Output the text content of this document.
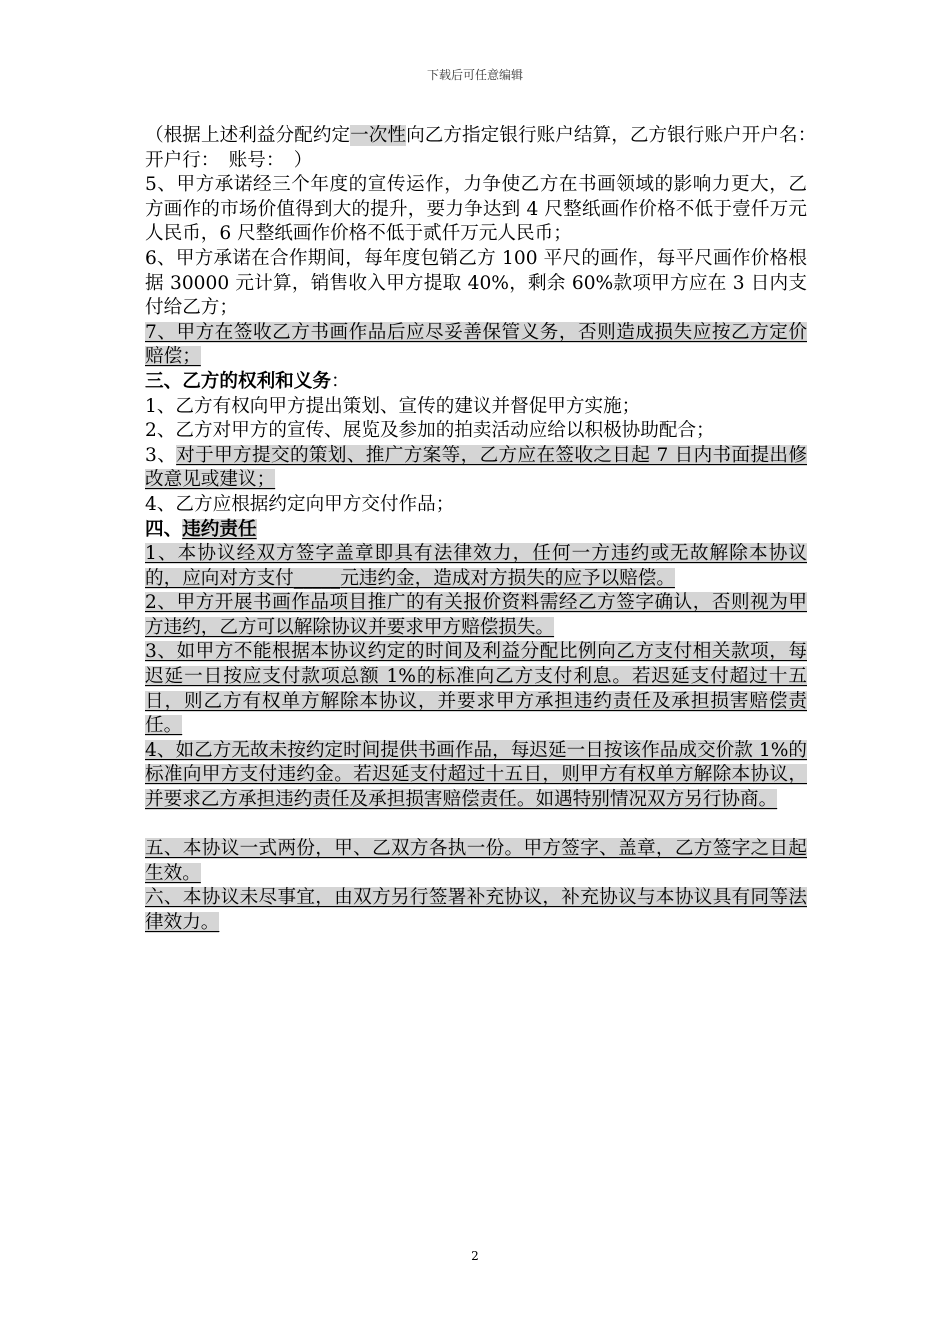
下载后可任意编辑

（根据上述利益分配约定一次性向乙方指定银行账户结算，乙方银行账户开户名：　开户行：　账号：　）

5、甲方承诺经三个年度的宣传运作，力争使乙方在书画领域的影响力更大，乙方画作的市场价值得到大的提升，要力争达到 4 尺整纸画作价格不低于壹仟万元人民币，6 尺整纸画作价格不低于贰仟万元人民币；

6、甲方承诺在合作期间，每年度包销乙方 100 平尺的画作，每平尺画作价格根据 30000 元计算，销售收入甲方提取 40%，剩余 60%款项甲方应在 3 日内支付给乙方；

7、甲方在签收乙方书画作品后应尽妥善保管义务，否则造成损失应按乙方定价赔偿；

三、乙方的权利和义务：

1、乙方有权向甲方提出策划、宣传的建议并督促甲方实施；

2、乙方对甲方的宣传、展览及参加的拍卖活动应给以积极协助配合；

3、对于甲方提交的策划、推广方案等，乙方应在签收之日起 7 日内书面提出修改意见或建议；

4、乙方应根据约定向甲方交付作品；

四、违约责任

1、本协议经双方签字盖章即具有法律效力，任何一方违约或无故解除本协议的，应向对方支付_____元违约金，造成对方损失的应予以赔偿。

2、甲方开展书画作品项目推广的有关报价资料需经乙方签字确认，否则视为甲方违约，乙方可以解除协议并要求甲方赔偿损失。

3、如甲方不能根据本协议约定的时间及利益分配比例向乙方支付相关款项，每迟延一日按应支付款项总额 1%的标准向乙方支付利息。若迟延支付超过十五日，则乙方有权单方解除本协议，并要求甲方承担违约责任及承担损害赔偿责任。

4、如乙方无故未按约定时间提供书画作品，每迟延一日按该作品成交价款 1%的标准向甲方支付违约金。若迟延支付超过十五日，则甲方有权单方解除本协议，并要求乙方承担违约责任及承担损害赔偿责任。如遇特别情况双方另行协商。

五、本协议一式两份，甲、乙双方各执一份。甲方签字、盖章，乙方签字之日起生效。

六、本协议未尽事宜，由双方另行签署补充协议，补充协议与本协议具有同等法律效力。

2
